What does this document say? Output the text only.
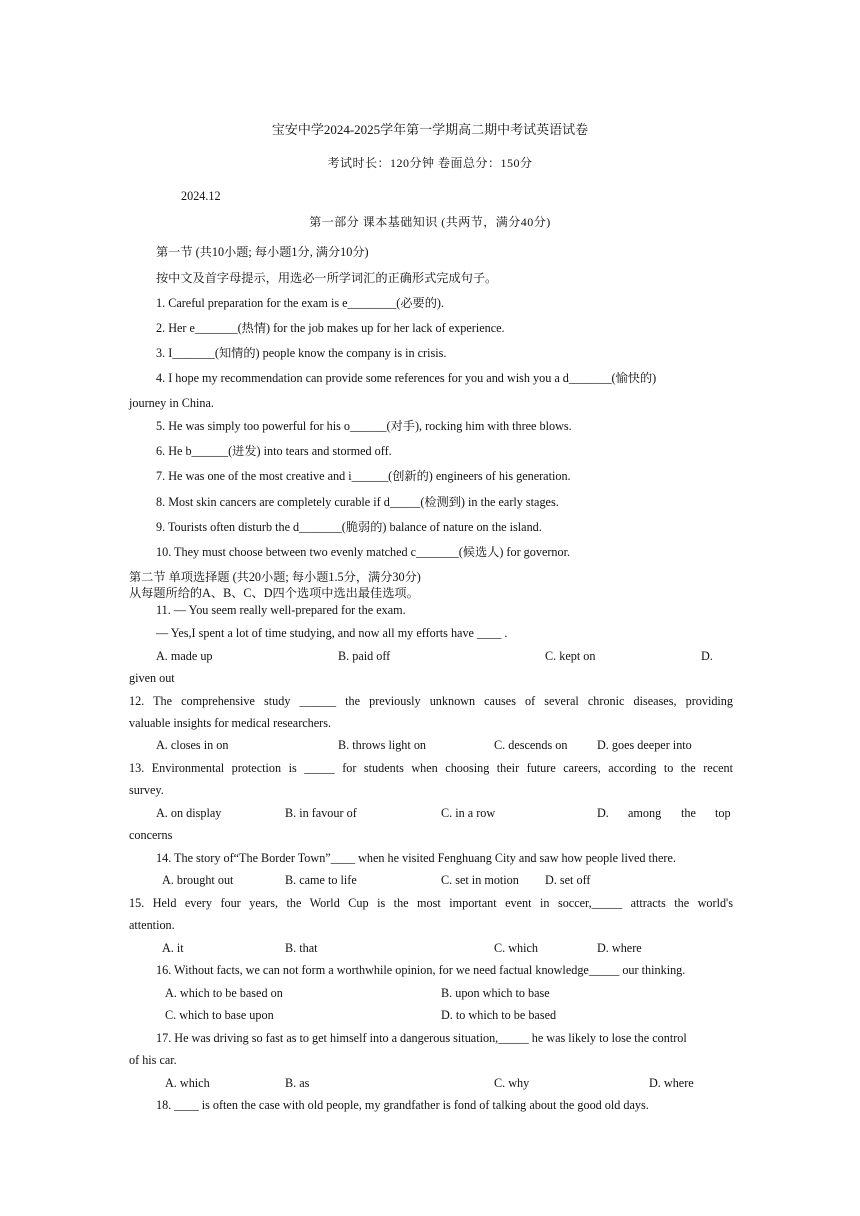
宝安中学2024-2025学年第一学期高二期中考试英语试卷
考试时长：120分钟 卷面总分：150分
2024.12
第一部分 课本基础知识 (共两节，满分40分)
第一节 (共10小题; 每小题1分, 满分10分)
按中文及首字母提示，用选必一所学词汇的正确形式完成句子。
1. Careful preparation for the exam is e________(必要的).
2. Her e_______(热情) for the job makes up for her lack of experience.
3. I_______(知情的) people know the company is in crisis.
4. I hope my recommendation can provide some references for you and wish you a d_______(愉快的)
journey in China.
5. He was simply too powerful for his o______(对手), rocking him with three blows.
6. He b______(迸发) into tears and stormed off.
7. He was one of the most creative and i______(创新的) engineers of his generation.
8. Most skin cancers are completely curable if d_____(检测到) in the early stages.
9. Tourists often disturb the d_______(脆弱的) balance of nature on the island.
10. They must choose between two evenly matched c_______(候选人) for governor.
第二节 单项选择题 (共20小题; 每小题1.5分，满分30分)
从每题所给的A、B、C、D四个选项中选出最佳选项。
11. — You seem really well-prepared for the exam.
— Yes,I spent a lot of time studying, and now all my efforts have ____ .
A. made up	B. paid off	C. kept on	D.
given out
12. The comprehensive study ______ the previously unknown causes of several chronic diseases, providing
valuable insights for medical researchers.
A. closes in on	B. throws light on	C. descends on D. goes deeper into
13. Environmental protection is _____ for students when choosing their future careers, according to the recent
survey.
A. on display	B. in favour of	C. in a row	D. among the top
concerns
14. The story of“The Border Town”____ when he visited Fenghuang City and saw how people lived there.
A. brought out	B. came to life	C. set in motion D. set off
15. Held every four years, the World Cup is the most important event in soccer,_____ attracts the world's
attention.
A. it	B. that	C. which	D. where
16. Without facts, we can not form a worthwhile opinion, for we need factual knowledge_____ our thinking.
A. which to be based on	B. upon which to base
C. which to base upon	D. to which to be based
17. He was driving so fast as to get himself into a dangerous situation,_____ he was likely to lose the control
of his car.
A. which	B. as	C. why	D. where
18. ____ is often the case with old people, my grandfather is fond of talking about the good old days.
